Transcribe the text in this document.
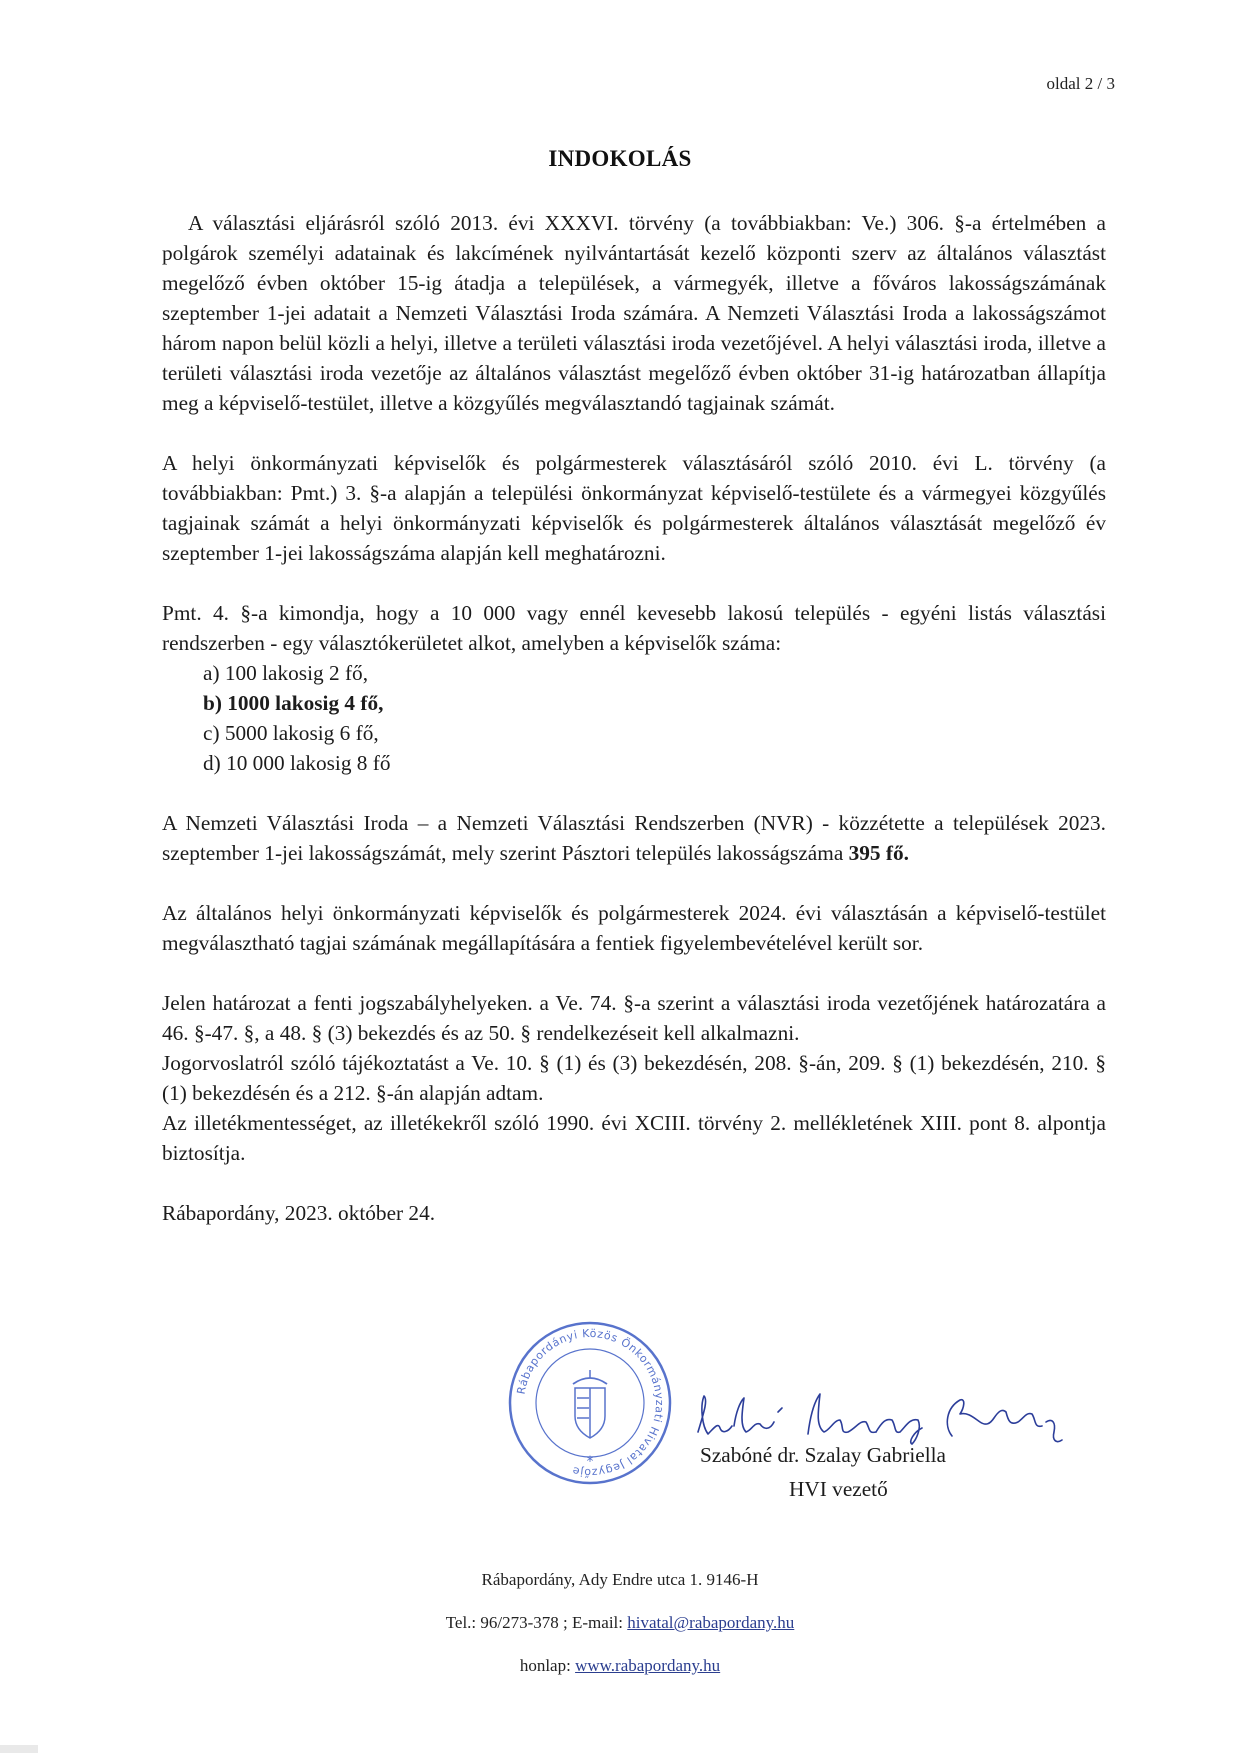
oldal 2 / 3
INDOKOLÁS

A választási eljárásról szóló 2013. évi XXXVI. törvény (a továbbiakban: Ve.) 306. §-a értelmében a polgárok személyi adatainak és lakcímének nyilvántartását kezelő központi szerv az általános választást megelőző évben október 15-ig átadja a települések, a vármegyék, illetve a főváros lakosságszámának szeptember 1-jei adatait a Nemzeti Választási Iroda számára. A Nemzeti Választási Iroda a lakosságszámot három napon belül közli a helyi, illetve a területi választási iroda vezetőjével. A helyi választási iroda, illetve a területi választási iroda vezetője az általános választást megelőző évben október 31-ig határozatban állapítja meg a képviselő-testület, illetve a közgyűlés megválasztandó tagjainak számát.

A helyi önkormányzati képviselők és polgármesterek választásáról szóló 2010. évi L. törvény (a továbbiakban: Pmt.) 3. §-a alapján a települési önkormányzat képviselő-testülete és a vármegyei közgyűlés tagjainak számát a helyi önkormányzati képviselők és polgármesterek általános választását megelőző év szeptember 1-jei lakosságszáma alapján kell meghatározni.

Pmt. 4. §-a kimondja, hogy a 10 000 vagy ennél kevesebb lakosú település - egyéni listás választási rendszerben - egy választókerületet alkot, amelyben a képviselők száma:

a) 100 lakosig 2 fő,
b) 1000 lakosig 4 fő,
c) 5000 lakosig 6 fő,
d) 10 000 lakosig 8 fő

A Nemzeti Választási Iroda – a Nemzeti Választási Rendszerben (NVR) - közzétette a települések 2023. szeptember 1-jei lakosságszámát, mely szerint Pásztori település lakosságszáma 395 fő.

Az általános helyi önkormányzati képviselők és polgármesterek 2024. évi választásán a képviselő-testület megválasztható tagjai számának megállapítására a fentiek figyelembevételével került sor.

Jelen határozat a fenti jogszabályhelyeken. a Ve. 74. §-a szerint a választási iroda vezetőjének határozatára a 46. §-47. §, a 48. § (3) bekezdés és az 50. § rendelkezéseit kell alkalmazni.

Jogorvoslatról szóló tájékoztatást a Ve. 10. § (1) és (3) bekezdésén, 208. §-án, 209. § (1) bekezdésén, 210. § (1) bekezdésén és a 212. §-án alapján adtam.

Az illetékmentességet, az illetékekről szóló 1990. évi XCIII. törvény 2. mellékletének XIII. pont 8. alpontja biztosítja.

Rábapordány, 2023. október 24.

Rábapordányi Közös Önkormányzati Hivatal Jegyzője
*	Szabóné dr. Szalay Gabriella

HVI vezető

Rábapordány, Ady Endre utca 1. 9146-H

Tel.: 96/273-378 ; E-mail: hivatal@rabapordany.hu

honlap: www.rabapordany.hu
